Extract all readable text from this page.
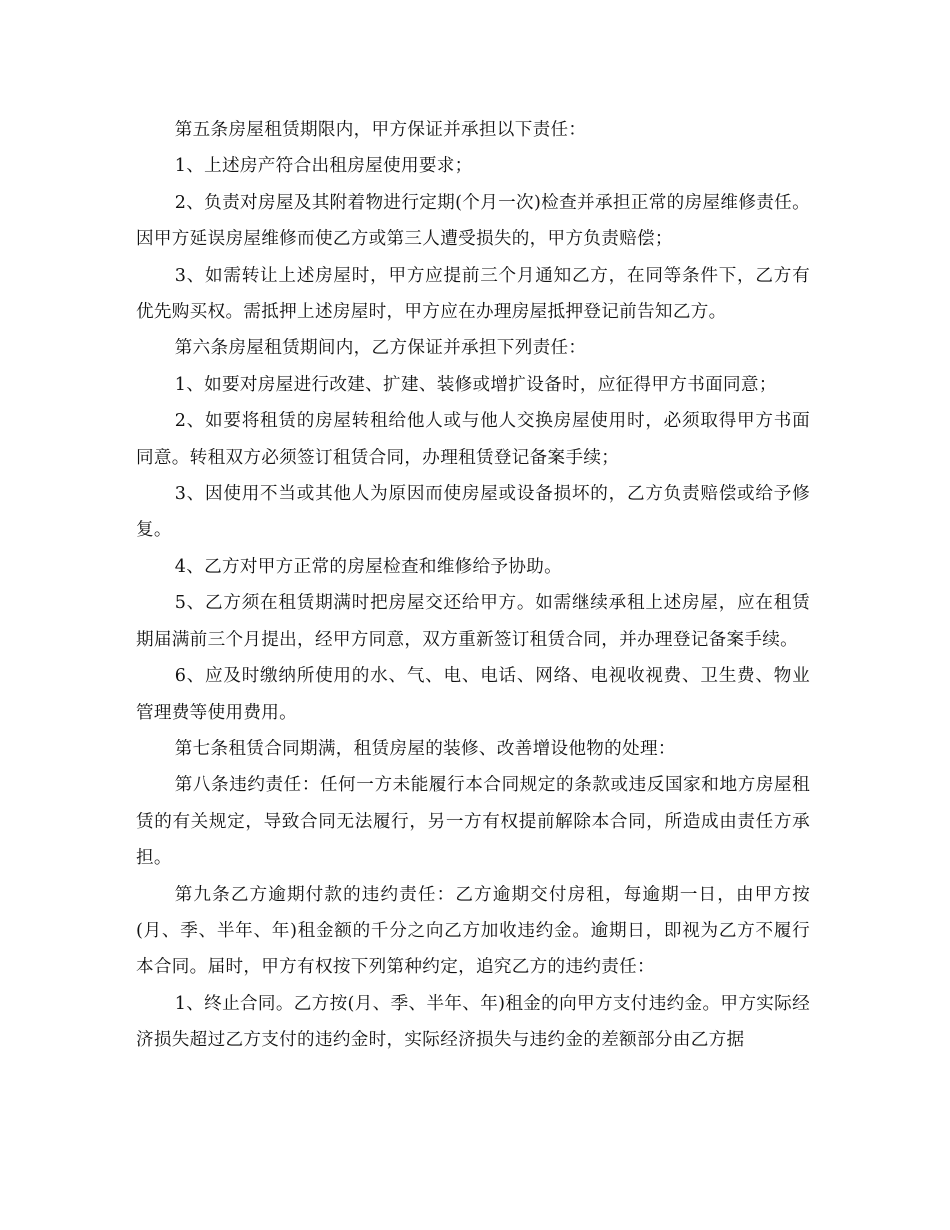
第五条房屋租赁期限内，甲方保证并承担以下责任：

1、上述房产符合出租房屋使用要求；

2、负责对房屋及其附着物进行定期(个月一次)检查并承担正常的房屋维修责任。因甲方延误房屋维修而使乙方或第三人遭受损失的，甲方负责赔偿；

3、如需转让上述房屋时，甲方应提前三个月通知乙方，在同等条件下，乙方有优先购买权。需抵押上述房屋时，甲方应在办理房屋抵押登记前告知乙方。

第六条房屋租赁期间内，乙方保证并承担下列责任：

1、如要对房屋进行改建、扩建、装修或增扩设备时，应征得甲方书面同意；

2、如要将租赁的房屋转租给他人或与他人交换房屋使用时，必须取得甲方书面同意。转租双方必须签订租赁合同，办理租赁登记备案手续；

3、因使用不当或其他人为原因而使房屋或设备损坏的，乙方负责赔偿或给予修复。

4、乙方对甲方正常的房屋检查和维修给予协助。

5、乙方须在租赁期满时把房屋交还给甲方。如需继续承租上述房屋，应在租赁期届满前三个月提出，经甲方同意，双方重新签订租赁合同，并办理登记备案手续。

6、应及时缴纳所使用的水、气、电、电话、网络、电视收视费、卫生费、物业管理费等使用费用。

第七条租赁合同期满，租赁房屋的装修、改善增设他物的处理：

第八条违约责任：任何一方未能履行本合同规定的条款或违反国家和地方房屋租赁的有关规定，导致合同无法履行，另一方有权提前解除本合同，所造成由责任方承担。

第九条乙方逾期付款的违约责任：乙方逾期交付房租，每逾期一日，由甲方按(月、季、半年、年)租金额的千分之向乙方加收违约金。逾期日，即视为乙方不履行本合同。届时，甲方有权按下列第种约定，追究乙方的违约责任：

1、终止合同。乙方按(月、季、半年、年)租金的向甲方支付违约金。甲方实际经济损失超过乙方支付的违约金时，实际经济损失与违约金的差额部分由乙方据
